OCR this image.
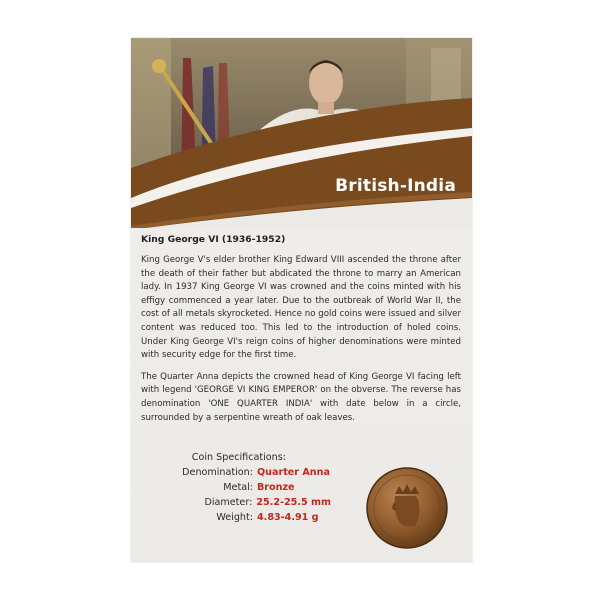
British-India
King George VI (1936-1952)

King George V's elder brother King Edward VIII ascended the throne after the death of their father but abdicated the throne to marry an American lady. In 1937 King George VI was crowned and the coins minted with his effigy commenced a year later. Due to the outbreak of World War II, the cost of all metals skyrocketed. Hence no gold coins were issued and silver content was reduced too. This led to the introduction of holed coins. Under King George VI's reign coins of higher denominations were minted with security edge for the first time.

The Quarter Anna depicts the crowned head of King George VI facing left with legend 'GEORGE VI KING EMPEROR' on the obverse. The reverse has denomination 'ONE QUARTER INDIA' with date below in a circle, surrounded by a serpentine wreath of oak leaves.

Coin Specifications:
Denomination: Quarter Anna
Metal: Bronze
Diameter: 25.2-25.5 mm
Weight: 4.83-4.91 g
